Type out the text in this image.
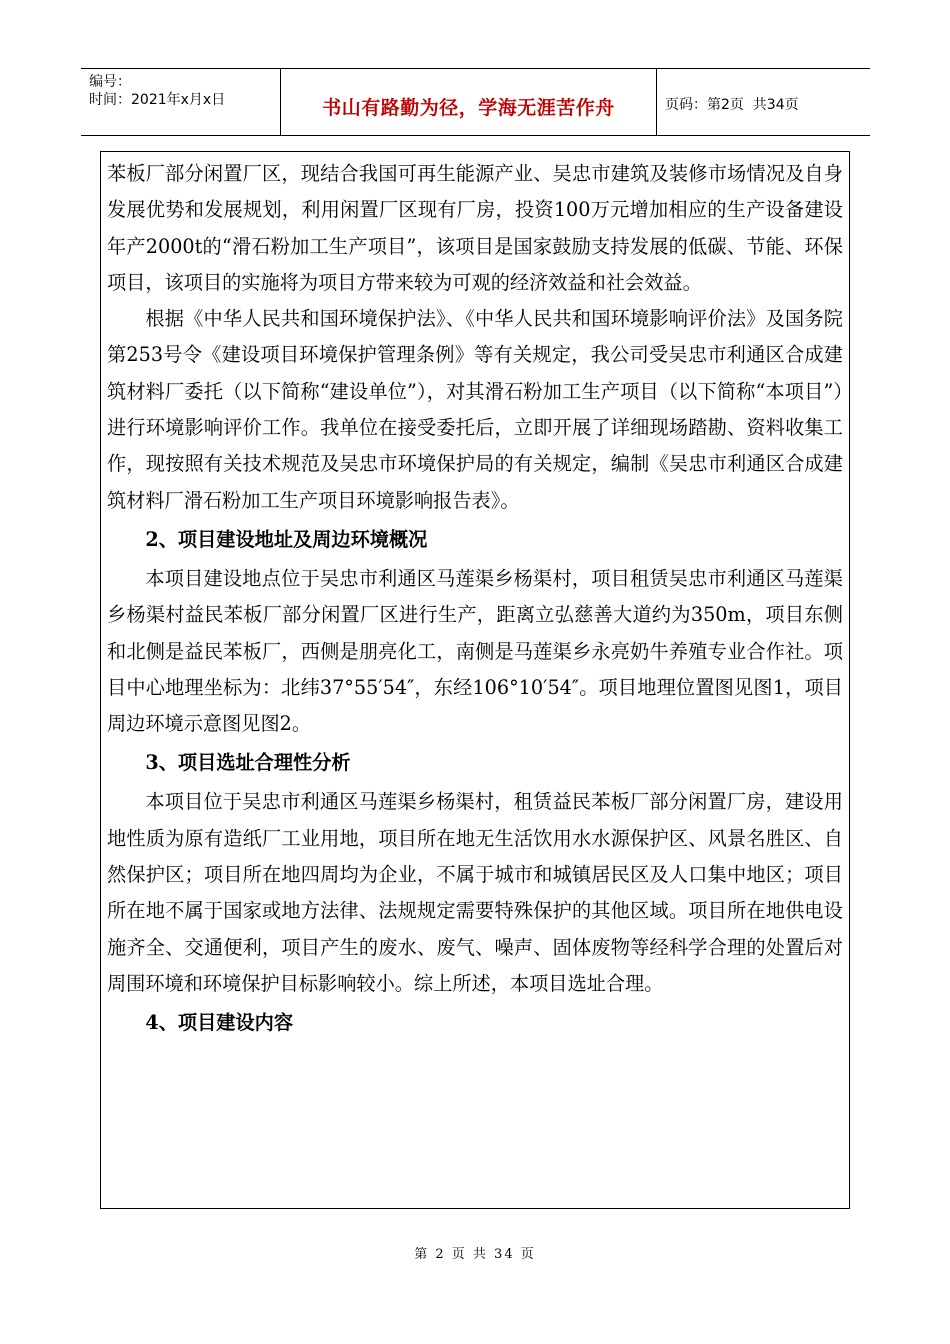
编号：
时间：2021年x月x日	书山有路勤为径，学海无涯苦作舟	页码：第2页  共34页

苯板厂部分闲置厂区，现结合我国可再生能源产业、吴忠市建筑及装修市场情况及自身发展优势和发展规划，利用闲置厂区现有厂房，投资100万元增加相应的生产设备建设年产2000t的“滑石粉加工生产项目”，该项目是国家鼓励支持发展的低碳、节能、环保项目，该项目的实施将为项目方带来较为可观的经济效益和社会效益。

根据《中华人民共和国环境保护法》、《中华人民共和国环境影响评价法》及国务院第253号令《建设项目环境保护管理条例》等有关规定，我公司受吴忠市利通区合成建筑材料厂委托（以下简称“建设单位”），对其滑石粉加工生产项目（以下简称“本项目”）进行环境影响评价工作。我单位在接受委托后，立即开展了详细现场踏勘、资料收集工作，现按照有关技术规范及吴忠市环境保护局的有关规定，编制《吴忠市利通区合成建筑材料厂滑石粉加工生产项目环境影响报告表》。

2、项目建设地址及周边环境概况

本项目建设地点位于吴忠市利通区马莲渠乡杨渠村，项目租赁吴忠市利通区马莲渠乡杨渠村益民苯板厂部分闲置厂区进行生产，距离立弘慈善大道约为350m，项目东侧和北侧是益民苯板厂，西侧是朋亮化工，南侧是马莲渠乡永亮奶牛养殖专业合作社。项目中心地理坐标为：北纬37°55′54″，东经106°10′54″。项目地理位置图见图1，项目周边环境示意图见图2。

3、项目选址合理性分析

本项目位于吴忠市利通区马莲渠乡杨渠村，租赁益民苯板厂部分闲置厂房，建设用地性质为原有造纸厂工业用地，项目所在地无生活饮用水水源保护区、风景名胜区、自然保护区；项目所在地四周均为企业，不属于城市和城镇居民区及人口集中地区；项目所在地不属于国家或地方法律、法规规定需要特殊保护的其他区域。项目所在地供电设施齐全、交通便利，项目产生的废水、废气、噪声、固体废物等经科学合理的处置后对周围环境和环境保护目标影响较小。综上所述，本项目选址合理。

4、项目建设内容

第 2 页 共 34 页
